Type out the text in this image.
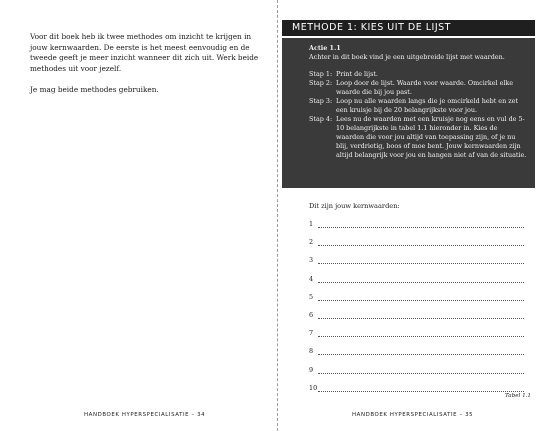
Voor dit boek heb ik twee methodes om inzicht te krijgen in jouw kernwaarden. De eerste is het meest eenvoudig en de tweede geeft je meer inzicht wanneer dit zich uit. Werk beide methodes uit voor jezelf.

Je mag beide methodes gebruiken.

HANDBOEK HYPERSPECIALISATIE – 34
METHODE 1: KIES UIT DE LIJST

Actie 1.1

Achter in dit boek vind je een uitgebreide lijst met waarden.

Stap 1: Print de lijst.
Stap 2: Loop door de lijst. Waarde voor waarde. Omcirkel elke waarde die bij jou past.
Stap 3: Loop nu alle waarden langs die je omcirkeld hebt en zet een kruisje bij de 20 belangrijkste voor jou.
Stap 4: Lees nu de waarden met een kruisje nog eens en vul de 5-10 belangrijkste in tabel 1.1 hieronder in. Kies de waarden die voor jou altijd van toepassing zijn, of je nu blij, verdrietig, boos of moe bent. Jouw kernwaarden zijn altijd belangrijk voor jou en hangen niet af van de situatie.

Dit zijn jouw kernwaarden:

1
2
3
4
5
6
7
8
9
10
Tabel 1.1
HANDBOEK HYPERSPECIALISATIE – 35
